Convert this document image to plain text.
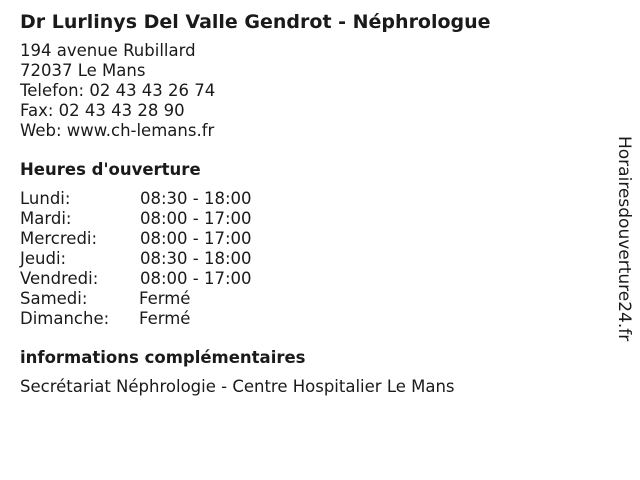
Dr Lurlinys Del Valle Gendrot - Néphrologue
194 avenue Rubillard
72037 Le Mans
Telefon: 02 43 43 26 74
Fax: 02 43 43 28 90
Web: www.ch-lemans.fr
Heures d'ouverture
Lundi:	08:30 - 18:00
Mardi:	08:00 - 17:00
Mercredi:	08:00 - 17:00
Jeudi:	08:30 - 18:00
Vendredi:	08:00 - 17:00
Samedi:	Fermé
Dimanche:	Fermé
informations complémentaires
Secrétariat Néphrologie - Centre Hospitalier Le Mans
Horairesdouverture24.fr
